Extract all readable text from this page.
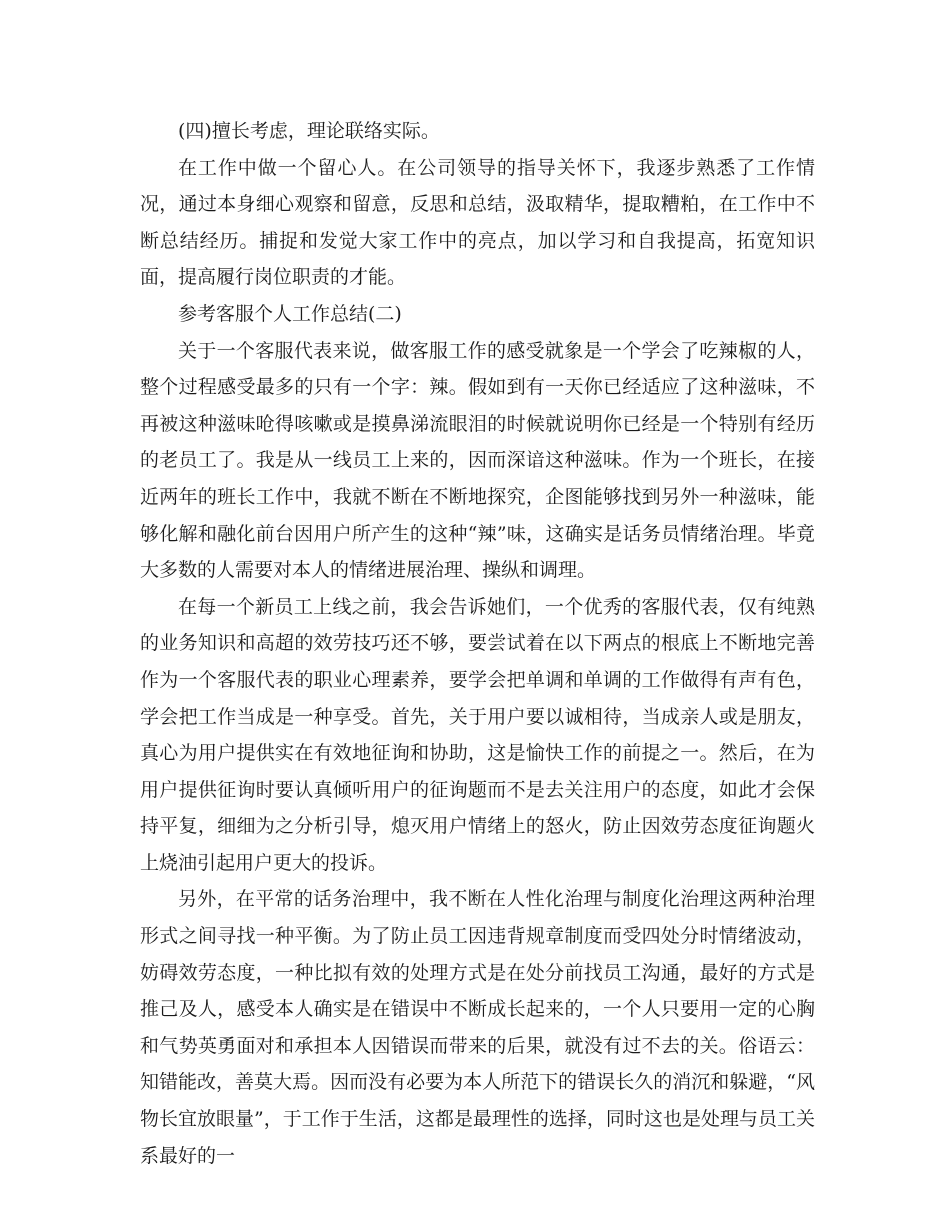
(四)擅长考虑，理论联络实际。

在工作中做一个留心人。在公司领导的指导关怀下，我逐步熟悉了工作情况，通过本身细心观察和留意，反思和总结，汲取精华，提取糟粕，在工作中不断总结经历。捕捉和发觉大家工作中的亮点，加以学习和自我提高，拓宽知识面，提高履行岗位职责的才能。

参考客服个人工作总结(二)

关于一个客服代表来说，做客服工作的感受就象是一个学会了吃辣椒的人，整个过程感受最多的只有一个字：辣。假如到有一天你已经适应了这种滋味，不再被这种滋味呛得咳嗽或是摸鼻涕流眼泪的时候就说明你已经是一个特别有经历的老员工了。我是从一线员工上来的，因而深谙这种滋味。作为一个班长，在接近两年的班长工作中，我就不断在不断地探究，企图能够找到另外一种滋味，能够化解和融化前台因用户所产生的这种“辣”味，这确实是话务员情绪治理。毕竟大多数的人需要对本人的情绪进展治理、操纵和调理。

在每一个新员工上线之前，我会告诉她们，一个优秀的客服代表，仅有纯熟的业务知识和高超的效劳技巧还不够，要尝试着在以下两点的根底上不断地完善作为一个客服代表的职业心理素养，要学会把单调和单调的工作做得有声有色，学会把工作当成是一种享受。首先，关于用户要以诚相待，当成亲人或是朋友，真心为用户提供实在有效地征询和协助，这是愉快工作的前提之一。然后，在为用户提供征询时要认真倾听用户的征询题而不是去关注用户的态度，如此才会保持平复，细细为之分析引导，熄灭用户情绪上的怒火，防止因效劳态度征询题火上烧油引起用户更大的投诉。

另外，在平常的话务治理中，我不断在人性化治理与制度化治理这两种治理形式之间寻找一种平衡。为了防止员工因违背规章制度而受四处分时情绪波动，妨碍效劳态度，一种比拟有效的处理方式是在处分前找员工沟通，最好的方式是推己及人，感受本人确实是在错误中不断成长起来的，一个人只要用一定的心胸和气势英勇面对和承担本人因错误而带来的后果，就没有过不去的关。俗语云：知错能改，善莫大焉。因而没有必要为本人所范下的错误长久的消沉和躲避，“风物长宜放眼量”，于工作于生活，这都是最理性的选择，同时这也是处理与员工关系最好的一
